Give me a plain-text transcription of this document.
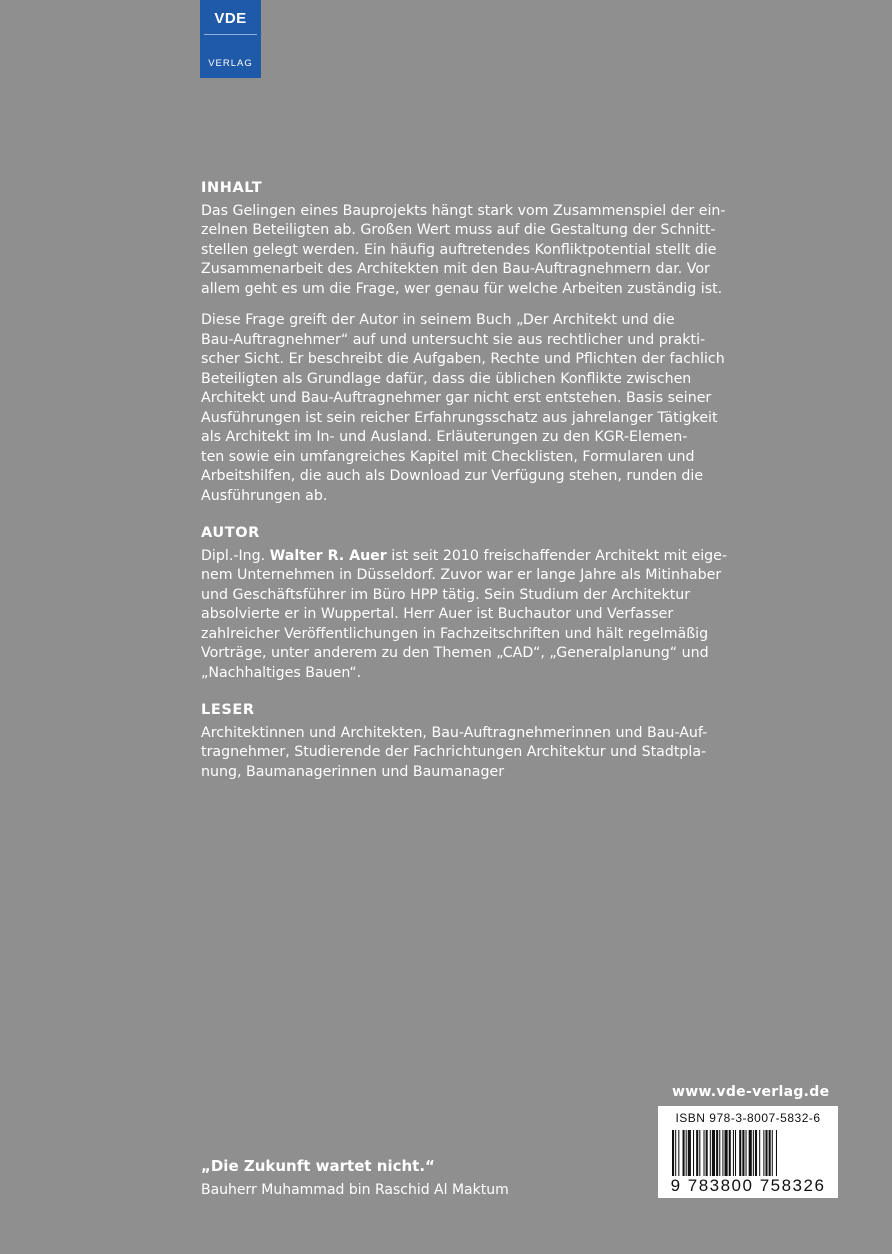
VDE
VERLAG
INHALT

Das Gelingen eines Bauprojekts hängt stark vom Zusammenspiel der ein-
zelnen Beteiligten ab. Großen Wert muss auf die Gestaltung der Schnitt-
stellen gelegt werden. Ein häufig auftretendes Konfliktpotential stellt die
Zusammenarbeit des Architekten mit den Bau-Auftragnehmern dar. Vor
allem geht es um die Frage, wer genau für welche Arbeiten zuständig ist.

Diese Frage greift der Autor in seinem Buch „Der Architekt und die
Bau-Auftragnehmer“ auf und untersucht sie aus rechtlicher und prakti-
scher Sicht. Er beschreibt die Aufgaben, Rechte und Pflichten der fachlich
Beteiligten als Grundlage dafür, dass die üblichen Konflikte zwischen
Architekt und Bau-Auftragnehmer gar nicht erst entstehen. Basis seiner
Ausführungen ist sein reicher Erfahrungsschatz aus jahrelanger Tätigkeit
als Architekt im In- und Ausland. Erläuterungen zu den KGR-Elemen-
ten sowie ein umfangreiches Kapitel mit Checklisten, Formularen und
Arbeitshilfen, die auch als Download zur Verfügung stehen, runden die
Ausführungen ab.

AUTOR

Dipl.-Ing. Walter R. Auer ist seit 2010 freischaffender Architekt mit eige-
nem Unternehmen in Düsseldorf. Zuvor war er lange Jahre als Mitinhaber
und Geschäftsführer im Büro HPP tätig. Sein Studium der Architektur
absolvierte er in Wuppertal. Herr Auer ist Buchautor und Verfasser
zahlreicher Veröffentlichungen in Fachzeitschriften und hält regelmäßig
Vorträge, unter anderem zu den Themen „CAD“, „Generalplanung“ und
„Nachhaltiges Bauen“.

LESER

Architektinnen und Architekten, Bau-Auftragnehmerinnen und Bau-Auf-
tragnehmer, Studierende der Fachrichtungen Architektur und Stadtpla-
nung, Baumanagerinnen und Baumanager

www.vde-verlag.de
ISBN 978-3-8007-5832-6
9 783800 758326
„Die Zukunft wartet nicht.“
Bauherr Muhammad bin Raschid Al Maktum
